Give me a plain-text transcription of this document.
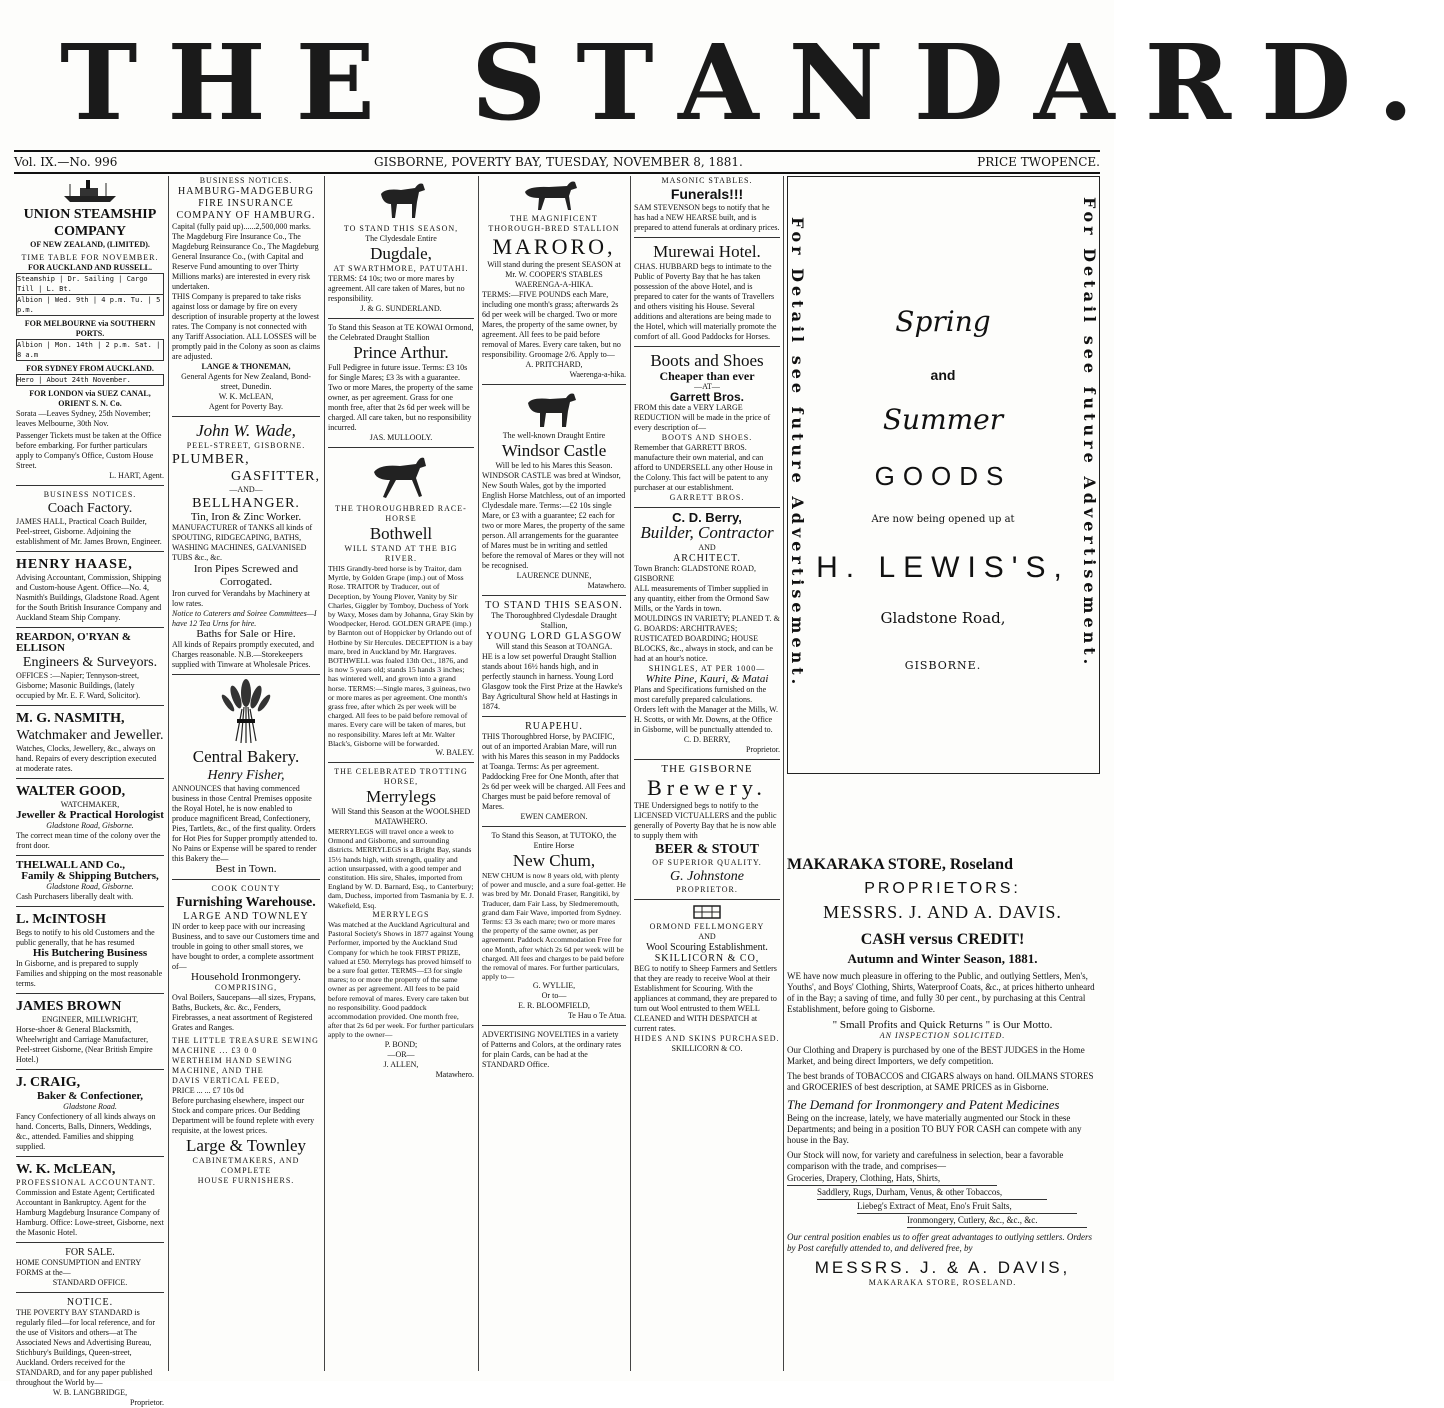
THE STANDARD.
Vol. IX.—No. 996	GISBORNE, POVERTY BAY, TUESDAY, NOVEMBER 8, 1881.	PRICE TWOPENCE.
UNION STEAMSHIP COMPANY
OF NEW ZEALAND, (LIMITED).
TIME TABLE FOR NOVEMBER.
FOR AUCKLAND AND RUSSELL.
Steamship | Dr. Sailing | Cargo Till | L. Bt.
Albion | Wed. 9th | 4 p.m. Tu. | 5 p.m.
FOR MELBOURNE via SOUTHERN PORTS.
Albion | Mon. 14th | 2 p.m. Sat. | 8 a.m
FOR SYDNEY FROM AUCKLAND.
Hero | About 24th November.
FOR LONDON via SUEZ CANAL, ORIENT S. N. Co.
Sorata —Leaves Sydney, 25th November; leaves Melbourne, 30th Nov.
Passenger Tickets must be taken at the Office before embarking. For further particulars apply to Company's Office, Custom House Street.
L. HART, Agent.
BUSINESS NOTICES.
Coach Factory.
JAMES HALL, Practical Coach Builder, Peel-street, Gisborne. Adjoining the establishment of Mr. James Brown, Engineer.
HENRY HAASE,
Advising Accountant, Commission, Shipping and Custom-house Agent. Office—No. 4, Nasmith's Buildings, Gladstone Road. Agent for the South British Insurance Company and Auckland Steam Ship Company.
REARDON, O'RYAN & ELLISON
Engineers & Surveyors.
OFFICES :—Napier; Tennyson-street, Gisborne; Masonic Buildings, (lately occupied by Mr. E. F. Ward, Solicitor).
M. G. NASMITH,
Watchmaker and Jeweller.
Watches, Clocks, Jewellery, &c., always on hand. Repairs of every description executed at moderate rates.
WALTER GOOD,
WATCHMAKER,
Jeweller & Practical Horologist
Gladstone Road, Gisborne.
The correct mean time of the colony over the front door.
THELWALL AND Co.,
Family & Shipping Butchers,
Gladstone Road, Gisborne.
Cash Purchasers liberally dealt with.
L. McINTOSH
Begs to notify to his old Customers and the public generally, that he has resumed
His Butchering Business
In Gisborne, and is prepared to supply Families and shipping on the most reasonable terms.
JAMES BROWN
ENGINEER, MILLWRIGHT,
Horse-shoer & General Blacksmith, Wheelwright and Carriage Manufacturer, Peel-street Gisborne, (Near British Empire Hotel.)
J. CRAIG,
Baker & Confectioner,
Gladstone Road.
Fancy Confectionery of all kinds always on hand. Concerts, Balls, Dinners, Weddings, &c., attended. Families and shipping supplied.
W. K. McLEAN,
PROFESSIONAL ACCOUNTANT.
Commission and Estate Agent; Certificated Accountant in Bankruptcy. Agent for the Hamburg Magdeburg Insurance Company of Hamburg. Office: Lowe-street, Gisborne, next the Masonic Hotel.
FOR SALE.
HOME CONSUMPTION and ENTRY FORMS at the—
STANDARD OFFICE.
NOTICE.
THE POVERTY BAY STANDARD is regularly filed—for local reference, and for the use of Visitors and others—at The Associated News and Advertising Bureau, Stichbury's Buildings, Queen-street, Auckland. Orders received for the STANDARD, and for any paper published throughout the World by—
W. B. LANGBRIDGE,
Proprietor.
BUSINESS NOTICES.
HAMBURG-MADGEBURG FIRE INSURANCE COMPANY OF HAMBURG.
Capital (fully paid up)......2,500,000 marks. The Magdeburg Fire Insurance Co., The Magdeburg Reinsurance Co., The Magdeburg General Insurance Co., (with Capital and Reserve Fund amounting to over Thirty Millions marks) are interested in every risk undertaken.
THIS Company is prepared to take risks against loss or damage by fire on every description of insurable property at the lowest rates. The Company is not connected with any Tariff Association. ALL LOSSES will be promptly paid in the Colony as soon as claims are adjusted.
LANGE & THONEMAN,
General Agents for New Zealand, Bond-street, Dunedin.
W. K. McLEAN,
Agent for Poverty Bay.
John W. Wade,
PEEL-STREET, GISBORNE.
PLUMBER,
GASFITTER,
—AND—
BELLHANGER.
Tin, Iron & Zinc Worker.
MANUFACTURER of TANKS all kinds of SPOUTING, RIDGECAPING, BATHS, WASHING MACHINES, GALVANISED TUBS &c., &c.
Iron Pipes Screwed and Corrogated.
Iron curved for Verandahs by Machinery at low rates.
Notice to Caterers and Soiree Committees—I have 12 Tea Urns for hire.
Baths for Sale or Hire.
All kinds of Repairs promptly executed, and Charges reasonable. N.B.—Storekeepers supplied with Tinware at Wholesale Prices.
Central Bakery.
Henry Fisher,
ANNOUNCES that having commenced business in those Central Premises opposite the Royal Hotel, he is now enabled to produce magnificent Bread, Confectionery, Pies, Tartlets, &c., of the first quality. Orders for Hot Pies for Supper promptly attended to. No Pains or Expense will be spared to render this Bakery the—
Best in Town.
COOK COUNTY
Furnishing Warehouse.
LARGE AND TOWNLEY
IN order to keep pace with our increasing Business, and to save our Customers time and trouble in going to other small stores, we have bought to order, a complete assortment of—
Household Ironmongery.
COMPRISING,
Oval Boilers, Saucepans—all sizes, Frypans, Baths, Buckets, &c. &c., Fenders, Firebrasses, a neat assortment of Registered Grates and Ranges.
THE LITTLE TREASURE SEWING MACHINE ... £3 0 0
WERTHEIM HAND SEWING MACHINE, AND THE
DAVIS VERTICAL FEED,
PRICE ... ... £7 10s 0d
Before purchasing elsewhere, inspect our Stock and compare prices. Our Bedding Department will be found replete with every requisite, at the lowest prices.
Large & Townley
CABINETMAKERS, AND COMPLETE
HOUSE FURNISHERS.
TO STAND THIS SEASON,
The Clydesdale Entire
Dugdale,
AT SWARTHMORE, PATUTAHI.
TERMS: £4 10s; two or more mares by agreement. All care taken of Mares, but no responsibility.
J. & G. SUNDERLAND.
To Stand this Season at TE KOWAI Ormond, the Celebrated Draught Stallion
Prince Arthur.
Full Pedigree in future issue. Terms: £3 10s for Single Mares; £3 3s with a guarantee. Two or more Mares, the property of the same owner, as per agreement. Grass for one month free, after that 2s 6d per week will be charged. All care taken, but no responsibility incurred.
JAS. MULLOOLY.
THE THOROUGHBRED RACE-HORSE
Bothwell
WILL STAND AT THE BIG RIVER.
THIS Grandly-bred horse is by Traitor, dam Myrtle, by Golden Grape (imp.) out of Moss Rose. TRAITOR by Traducer, out of Deception, by Young Plover, Vanity by Sir Charles, Giggler by Tomboy, Duchess of York by Waxy, Moses dam by Johanna, Gray Skin by Woodpecker, Herod. GOLDEN GRAPE (imp.) by Barnton out of Hoppicker by Orlando out of Hotbine by Sir Hercules. DECEPTION is a bay mare, bred in Auckland by Mr. Hargraves. BOTHWELL was foaled 13th Oct., 1876, and is now 5 years old; stands 15 hands 3 inches; has wintered well, and grown into a grand horse. TERMS:—Single mares, 3 guineas, two or more mares as per agreement. One month's grass free, after which 2s per week will be charged. All fees to be paid before removal of mares. Every care will be taken of mares, but no responsibility. Mares left at Mr. Walter Black's, Gisborne will be forwarded.
W. BALEY.
THE CELEBRATED TROTTING HORSE,
Merrylegs
Will Stand this Season at the WOOLSHED MATAWHERO.
MERRYLEGS will travel once a week to Ormond and Gisborne, and surrounding districts. MERRYLEGS is a Bright Bay, stands 15½ hands high, with strength, quality and action unsurpassed, with a good temper and constitution. His sire, Shales, imported from England by W. D. Barnard, Esq., to Canterbury; dam, Duchess, imported from Tasmania by E. J. Wakefield, Esq.
MERRYLEGS
Was matched at the Auckland Agricultural and Pastoral Society's Shows in 1877 against Young Performer, imported by the Auckland Stud Company for which he took FIRST PRIZE, valued at £50. Merrylegs has proved himself to be a sure foal getter. TERMS—£3 for single mares; to or more the property of the same owner as per agreement. All fees to be paid before removal of mares. Every care taken but no responsibility. Good paddock accommodation provided. One month free, after that 2s 6d per week. For further particulars apply to the owner—
P. BOND;
—OR—
J. ALLEN,
Matawhero.
THE MAGNIFICENT THOROUGH-BRED STALLION
MARORO,
Will stand during the present SEASON at Mr. W. COOPER'S STABLES WAERENGA-A-HIKA.
TERMS:—FIVE POUNDS each Mare, including one month's grass; afterwards 2s 6d per week will be charged. Two or more Mares, the property of the same owner, by agreement. All fees to be paid before removal of Mares. Every care taken, but no responsibility. Groomage 2/6. Apply to—
A. PRITCHARD,
Waerenga-a-hika.
The well-known Draught Entire
Windsor Castle
Will be led to his Mares this Season.
WINDSOR CASTLE was bred at Windsor, New South Wales, got by the imported English Horse Matchless, out of an imported Clydesdale mare. Terms:—£2 10s single Mare, or £3 with a guarantee; £2 each for two or more Mares, the property of the same person. All arrangements for the guarantee of Mares must be in writing and settled before the removal of Mares or they will not be recognised.
LAURENCE DUNNE,
Matawhero.
TO STAND THIS SEASON.
The Thoroughbred Clydesdale Draught Stallion,
YOUNG LORD GLASGOW
Will stand this Season at TOANGA.
HE is a low set powerful Draught Stallion stands about 16½ hands high, and in perfectly staunch in harness. Young Lord Glasgow took the First Prize at the Hawke's Bay Agricultural Show held at Hastings in 1874.
RUAPEHU.
THIS Thoroughbred Horse, by PACIFIC, out of an imported Arabian Mare, will run with his Mares this season in my Paddocks at Toanga. Terms: As per agreement. Paddocking Free for One Month, after that 2s 6d per week will be charged. All Fees and Charges must be paid before removal of Mares.
EWEN CAMERON.
To Stand this Season, at TUTOKO, the Entire Horse
New Chum,
NEW CHUM is now 8 years old, with plenty of power and muscle, and a sure foal-getter. He was bred by Mr. Donald Fraser, Rangitiki, by Traducer, dam Fair Lass, by Sledmeremouth, grand dam Fair Wave, imported from Sydney. Terms: £3 3s each mare; two or more mares the property of the same owner, as per agreement. Paddock Accommodation Free for one Month, after which 2s 6d per week will be charged. All fees and charges to be paid before the removal of mares. For further particulars, apply to—
G. WYLLIE,
Or to—
E. R. BLOOMFIELD,
Te Hau o Te Atua.
ADVERTISING NOVELTIES in a variety of Patterns and Colors, at the ordinary rates for plain Cards, can be had at the STANDARD Office.
MASONIC STABLES.
Funerals!!!
SAM STEVENSON begs to notify that he has had a NEW HEARSE built, and is prepared to attend funerals at ordinary prices.
Murewai Hotel.
CHAS. HUBBARD begs to intimate to the Public of Poverty Bay that he has taken possession of the above Hotel, and is prepared to cater for the wants of Travellers and others visiting his House. Several additions and alterations are being made to the Hotel, which will materially promote the comfort of all. Good Paddocks for Horses.
Boots and Shoes
Cheaper than ever
—AT—
Garrett Bros.
FROM this date a VERY LARGE REDUCTION will be made in the price of every description of—
BOOTS AND SHOES.
Remember that GARRETT BROS. manufacture their own material, and can afford to UNDERSELL any other House in the Colony. This fact will be patent to any purchaser at our establishment.
GARRETT BROS.
C. D. Berry,
Builder, Contractor
AND
ARCHITECT.
Town Branch: GLADSTONE ROAD, GISBORNE
ALL measurements of Timber supplied in any quantity, either from the Ormond Saw Mills, or the Yards in town.
MOULDINGS IN VARIETY; PLANED T. & G. BOARDS: ARCHITRAVES; RUSTICATED BOARDING; HOUSE BLOCKS, &c., always in stock, and can be had at an hour's notice.
SHINGLES, AT PER 1000—
White Pine, Kauri, & Matai
Plans and Specifications furnished on the most carefully prepared calculations.
Orders left with the Manager at the Mills, W. H. Scotts, or with Mr. Downs, at the Office in Gisborne, will be punctually attended to.
C. D. BERRY,
Proprietor.
THE GISBORNE
Brewery.
THE Undersigned begs to notify to the LICENSED VICTUALLERS and the public generally of Poverty Bay that he is now able to supply them with
BEER & STOUT
OF SUPERIOR QUALITY.
G. Johnstone
PROPRIETOR.
ORMOND FELLMONGERY
AND
Wool Scouring Establishment.
SKILLICORN & CO,
BEG to notify to Sheep Farmers and Settlers that they are ready to receive Wool at their Establishment for Scouring. With the appliances at command, they are prepared to turn out Wool entrusted to them WELL CLEANED and WITH DESPATCH at current rates.
HIDES AND SKINS PURCHASED.
SKILLICORN & CO.
For Detail see future Advertisement.	For Detail see future Advertisement.
Spring
and
Summer
GOODS
Are now being opened up at
H. LEWIS'S,
Gladstone Road,
GISBORNE.
MAKARAKA STORE, Roseland
PROPRIETORS:
MESSRS. J. AND A. DAVIS.
CASH versus CREDIT!
Autumn and Winter Season, 1881.
WE have now much pleasure in offering to the Public, and outlying Settlers, Men's, Youths', and Boys' Clothing, Shirts, Waterproof Coats, &c., at prices hitherto unheard of in the Bay; a saving of time, and fully 30 per cent., by purchasing at this Central Establishment, before going to Gisborne.
" Small Profits and Quick Returns " is Our Motto.
AN INSPECTION SOLICITED.
Our Clothing and Drapery is purchased by one of the BEST JUDGES in the Home Market, and being direct Importers, we defy competition.
The best brands of TOBACCOS and CIGARS always on hand. OILMANS STORES and GROCERIES of best description, at SAME PRICES as in Gisborne.
The Demand for Ironmongery and Patent Medicines
Being on the increase, lately, we have materially augmented our Stock in these Departments; and being in a position TO BUY FOR CASH can compete with any house in the Bay.
Our Stock will now, for variety and carefulness in selection, bear a favorable comparison with the trade, and comprises—
Groceries, Drapery, Clothing, Hats, Shirts,
Saddlery, Rugs, Durham, Venus, & other Tobaccos,
Liebeg's Extract of Meat, Eno's Fruit Salts,
Ironmongery, Cutlery, &c., &c., &c.
Our central position enables us to offer great advantages to outlying settlers. Orders by Post carefully attended to, and delivered free, by
MESSRS. J. & A. DAVIS,
MAKARAKA STORE, ROSELAND.
